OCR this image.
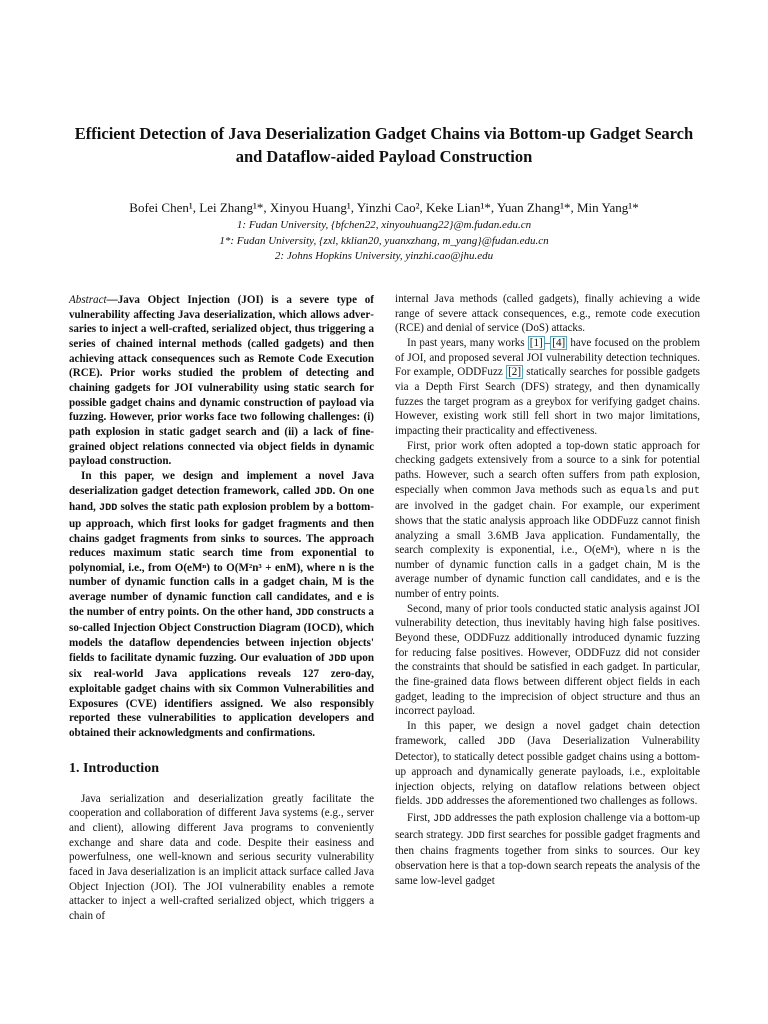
Efficient Detection of Java Deserialization Gadget Chains via Bottom-up Gadget Search and Dataflow-aided Payload Construction
Bofei Chen¹, Lei Zhang¹*, Xinyou Huang¹, Yinzhi Cao², Keke Lian¹*, Yuan Zhang¹*, Min Yang¹*
1: Fudan University, {bfchen22, xinyouhuang22}@m.fudan.edu.cn
1*: Fudan University, {zxl, kklian20, yuanxzhang, m_yang}@fudan.edu.cn
2: Johns Hopkins University, yinzhi.cao@jhu.edu

Abstract—Java Object Injection (JOI) is a severe type of vulnerability affecting Java deserialization, which allows adversaries to inject a well-crafted, serialized object, thus triggering a series of chained internal methods (called gadgets) and then achieving attack consequences such as Remote Code Execution (RCE). Prior works studied the problem of detecting and chaining gadgets for JOI vulnerability using static search for possible gadget chains and dynamic construction of payload via fuzzing. However, prior works face two following challenges: (i) path explosion in static gadget search and (ii) a lack of fine-grained object relations connected via object fields in dynamic payload construction.

In this paper, we design and implement a novel Java deserialization gadget detection framework, called JDD. On one hand, JDD solves the static path explosion problem by a bottom-up approach, which first looks for gadget fragments and then chains gadget fragments from sinks to sources. The approach reduces maximum static search time from exponential to polynomial, i.e., from O(eMⁿ) to O(M²n³ + enM), where n is the number of dynamic function calls in a gadget chain, M is the average number of dynamic function call candidates, and e is the number of entry points. On the other hand, JDD constructs a so-called Injection Object Construction Diagram (IOCD), which models the dataflow dependencies between injection objects' fields to facilitate dynamic fuzzing. Our evaluation of JDD upon six real-world Java applications reveals 127 zero-day, exploitable gadget chains with six Common Vulnerabilities and Exposures (CVE) identifiers assigned. We also responsibly reported these vulnerabilities to application developers and obtained their acknowledgments and confirmations.

1. Introduction

Java serialization and deserialization greatly facilitate the cooperation and collaboration of different Java systems (e.g., server and client), allowing different Java programs to conveniently exchange and share data and code. Despite their easiness and powerfulness, one well-known and serious security vulnerability faced in Java deserialization is an implicit attack surface called Java Object Injection (JOI). The JOI vulnerability enables a remote attacker to inject a well-crafted serialized object, which triggers a chain of

internal Java methods (called gadgets), finally achieving a wide range of severe attack consequences, e.g., remote code execution (RCE) and denial of service (DoS) attacks.

In past years, many works [1] – [4] have focused on the problem of JOI, and proposed several JOI vulnerability detection techniques. For example, ODDFuzz [2] statically searches for possible gadgets via a Depth First Search (DFS) strategy, and then dynamically fuzzes the target program as a greybox for verifying gadget chains. However, existing work still fell short in two major limitations, impacting their practicality and effectiveness.

First, prior work often adopted a top-down static approach for checking gadgets extensively from a source to a sink for potential paths. However, such a search often suffers from path explosion, especially when common Java methods such as equals and put are involved in the gadget chain. For example, our experiment shows that the static analysis approach like ODDFuzz cannot finish analyzing a small 3.6MB Java application. Fundamentally, the search complexity is exponential, i.e., O(eMⁿ), where n is the number of dynamic function calls in a gadget chain, M is the average number of dynamic function call candidates, and e is the number of entry points.

Second, many of prior tools conducted static analysis against JOI vulnerability detection, thus inevitably having high false positives. Beyond these, ODDFuzz additionally introduced dynamic fuzzing for reducing false positives. However, ODDFuzz did not consider the constraints that should be satisfied in each gadget. In particular, the fine-grained data flows between different object fields in each gadget, leading to the imprecision of object structure and thus an incorrect payload.

In this paper, we design a novel gadget chain detection framework, called JDD (Java Deserialization Vulnerability Detector), to statically detect possible gadget chains using a bottom-up approach and dynamically generate payloads, i.e., exploitable injection objects, relying on dataflow relations between object fields. JDD addresses the aforementioned two challenges as follows.

First, JDD addresses the path explosion challenge via a bottom-up search strategy. JDD first searches for possible gadget fragments and then chains fragments together from sinks to sources. Our key observation here is that a top-down search repeats the analysis of the same low-level gadget
